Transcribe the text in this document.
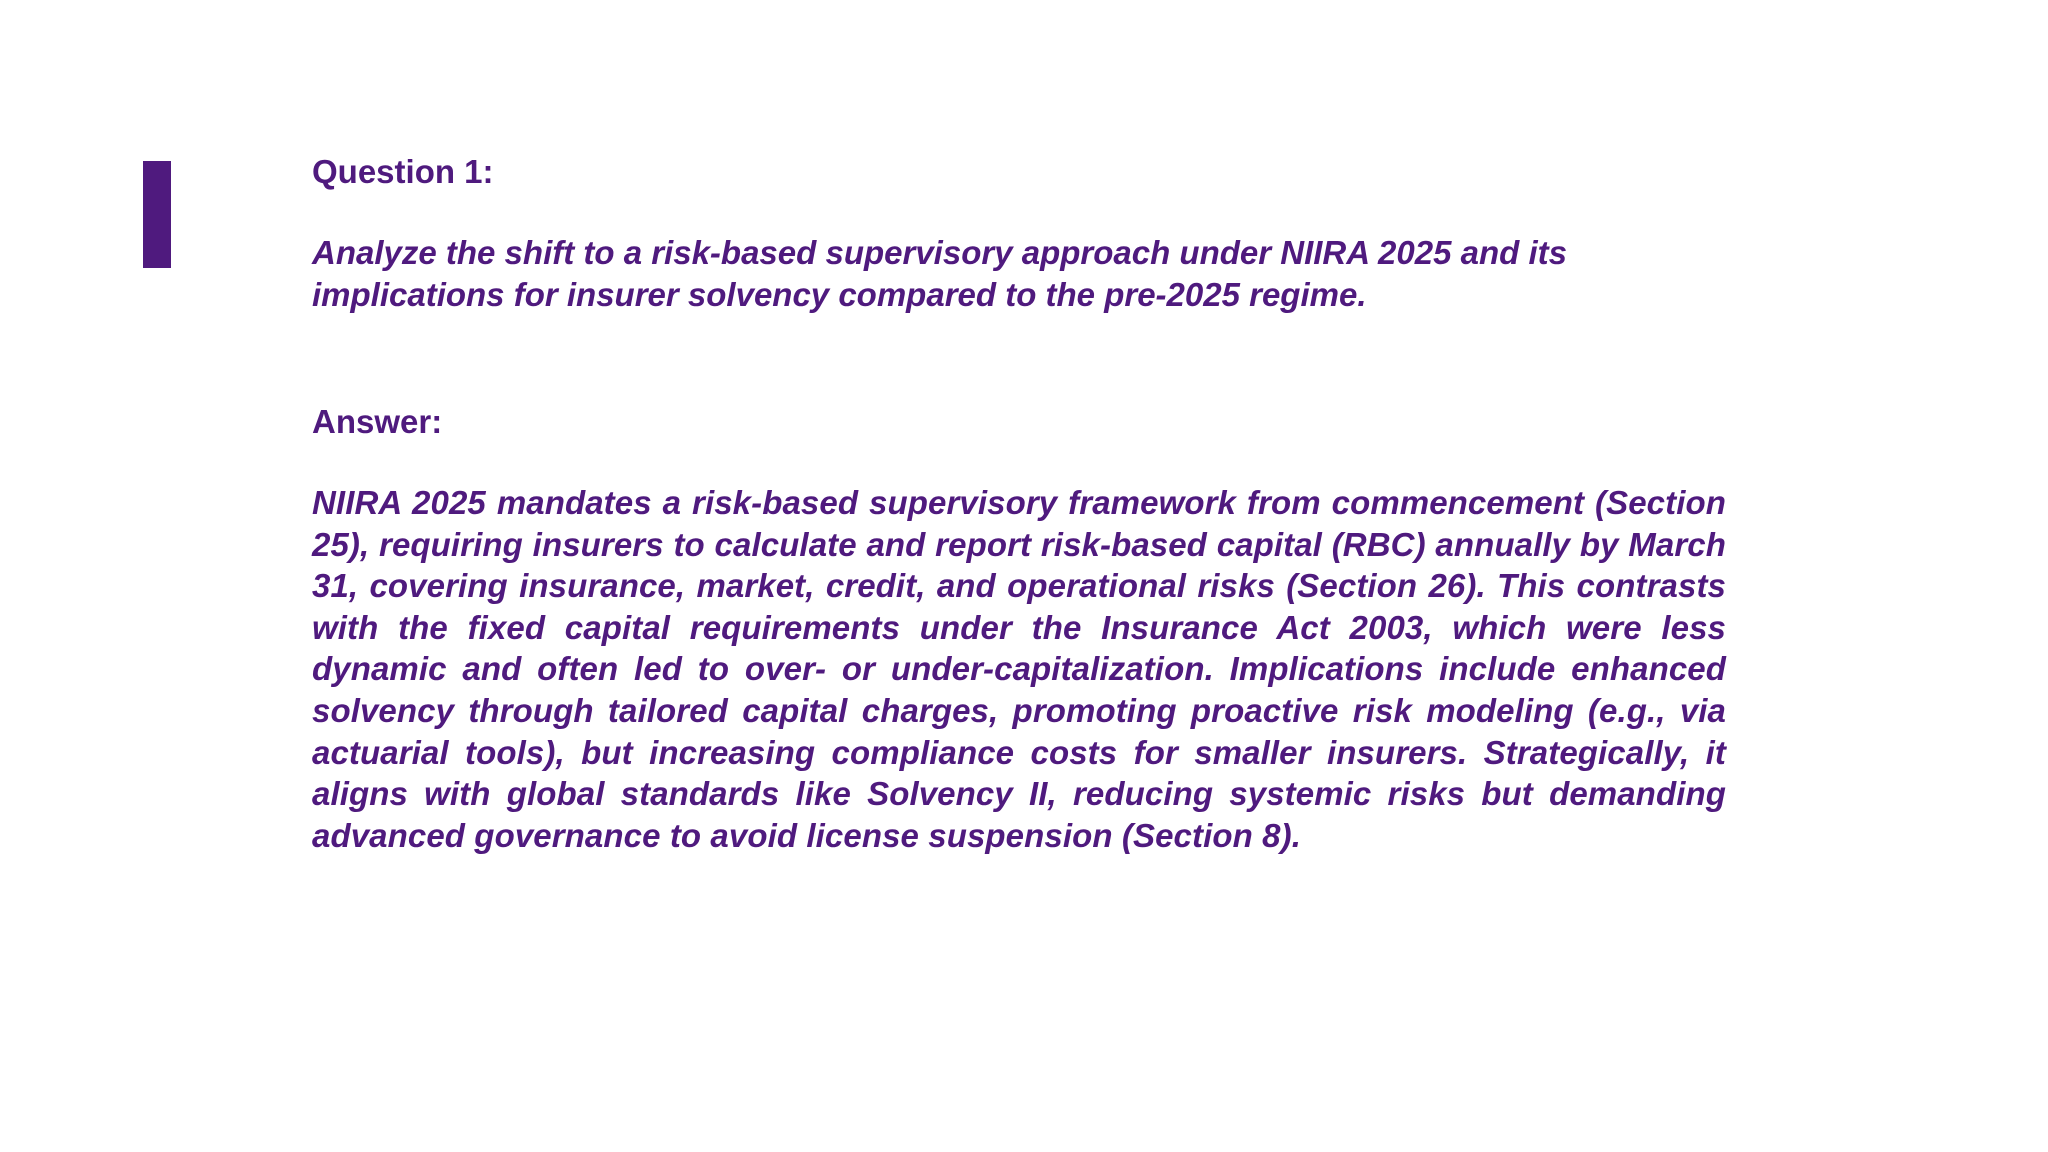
Question 1:

Analyze the shift to a risk-based supervisory approach under NIIRA 2025 and its implications for insurer solvency compared to the pre-2025 regime.

Answer:

NIIRA 2025 mandates a risk-based supervisory framework from commencement (Section 25), requiring insurers to calculate and report risk-based capital (RBC) annually by March 31, covering insurance, market, credit, and operational risks (Section 26). This contrasts with the fixed capital requirements under the Insurance Act 2003, which were less dynamic and often led to over- or under-capitalization. Implications include enhanced solvency through tailored capital charges, promoting proactive risk modeling (e.g., via actuarial tools), but increasing compliance costs for smaller insurers. Strategically, it aligns with global standards like Solvency II, reducing systemic risks but demanding advanced governance to avoid license suspension (Section 8).
